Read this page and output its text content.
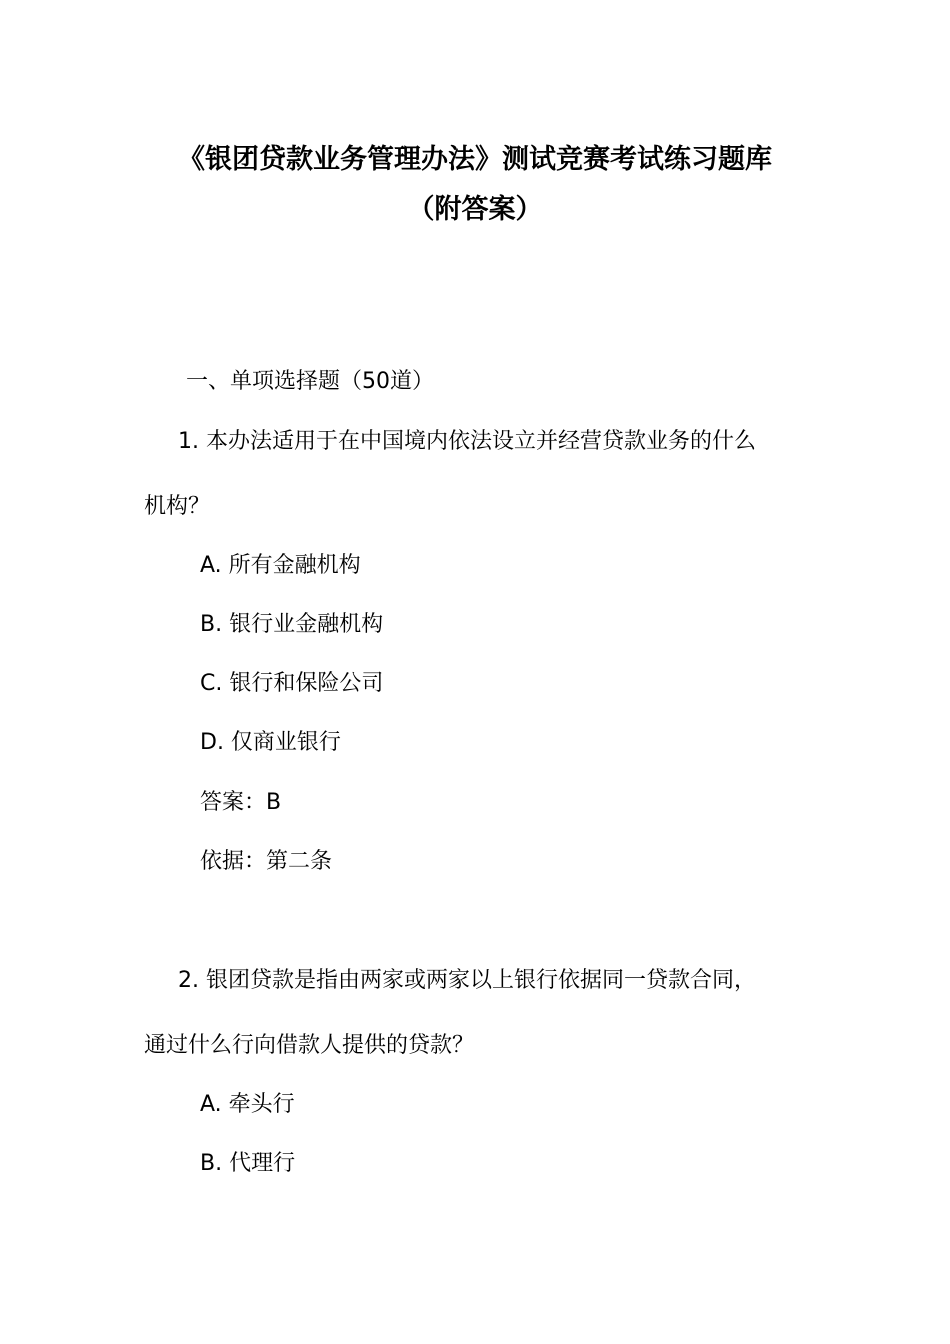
《银团贷款业务管理办法》测试竞赛考试练习题库
（附答案）
一、单项选择题（50道）
1. 本办法适用于在中国境内依法设立并经营贷款业务的什么
机构？
A. 所有金融机构
B. 银行业金融机构
C. 银行和保险公司
D. 仅商业银行
答案：B
依据：第二条
2. 银团贷款是指由两家或两家以上银行依据同一贷款合同，
通过什么行向借款人提供的贷款？
A. 牵头行
B. 代理行
